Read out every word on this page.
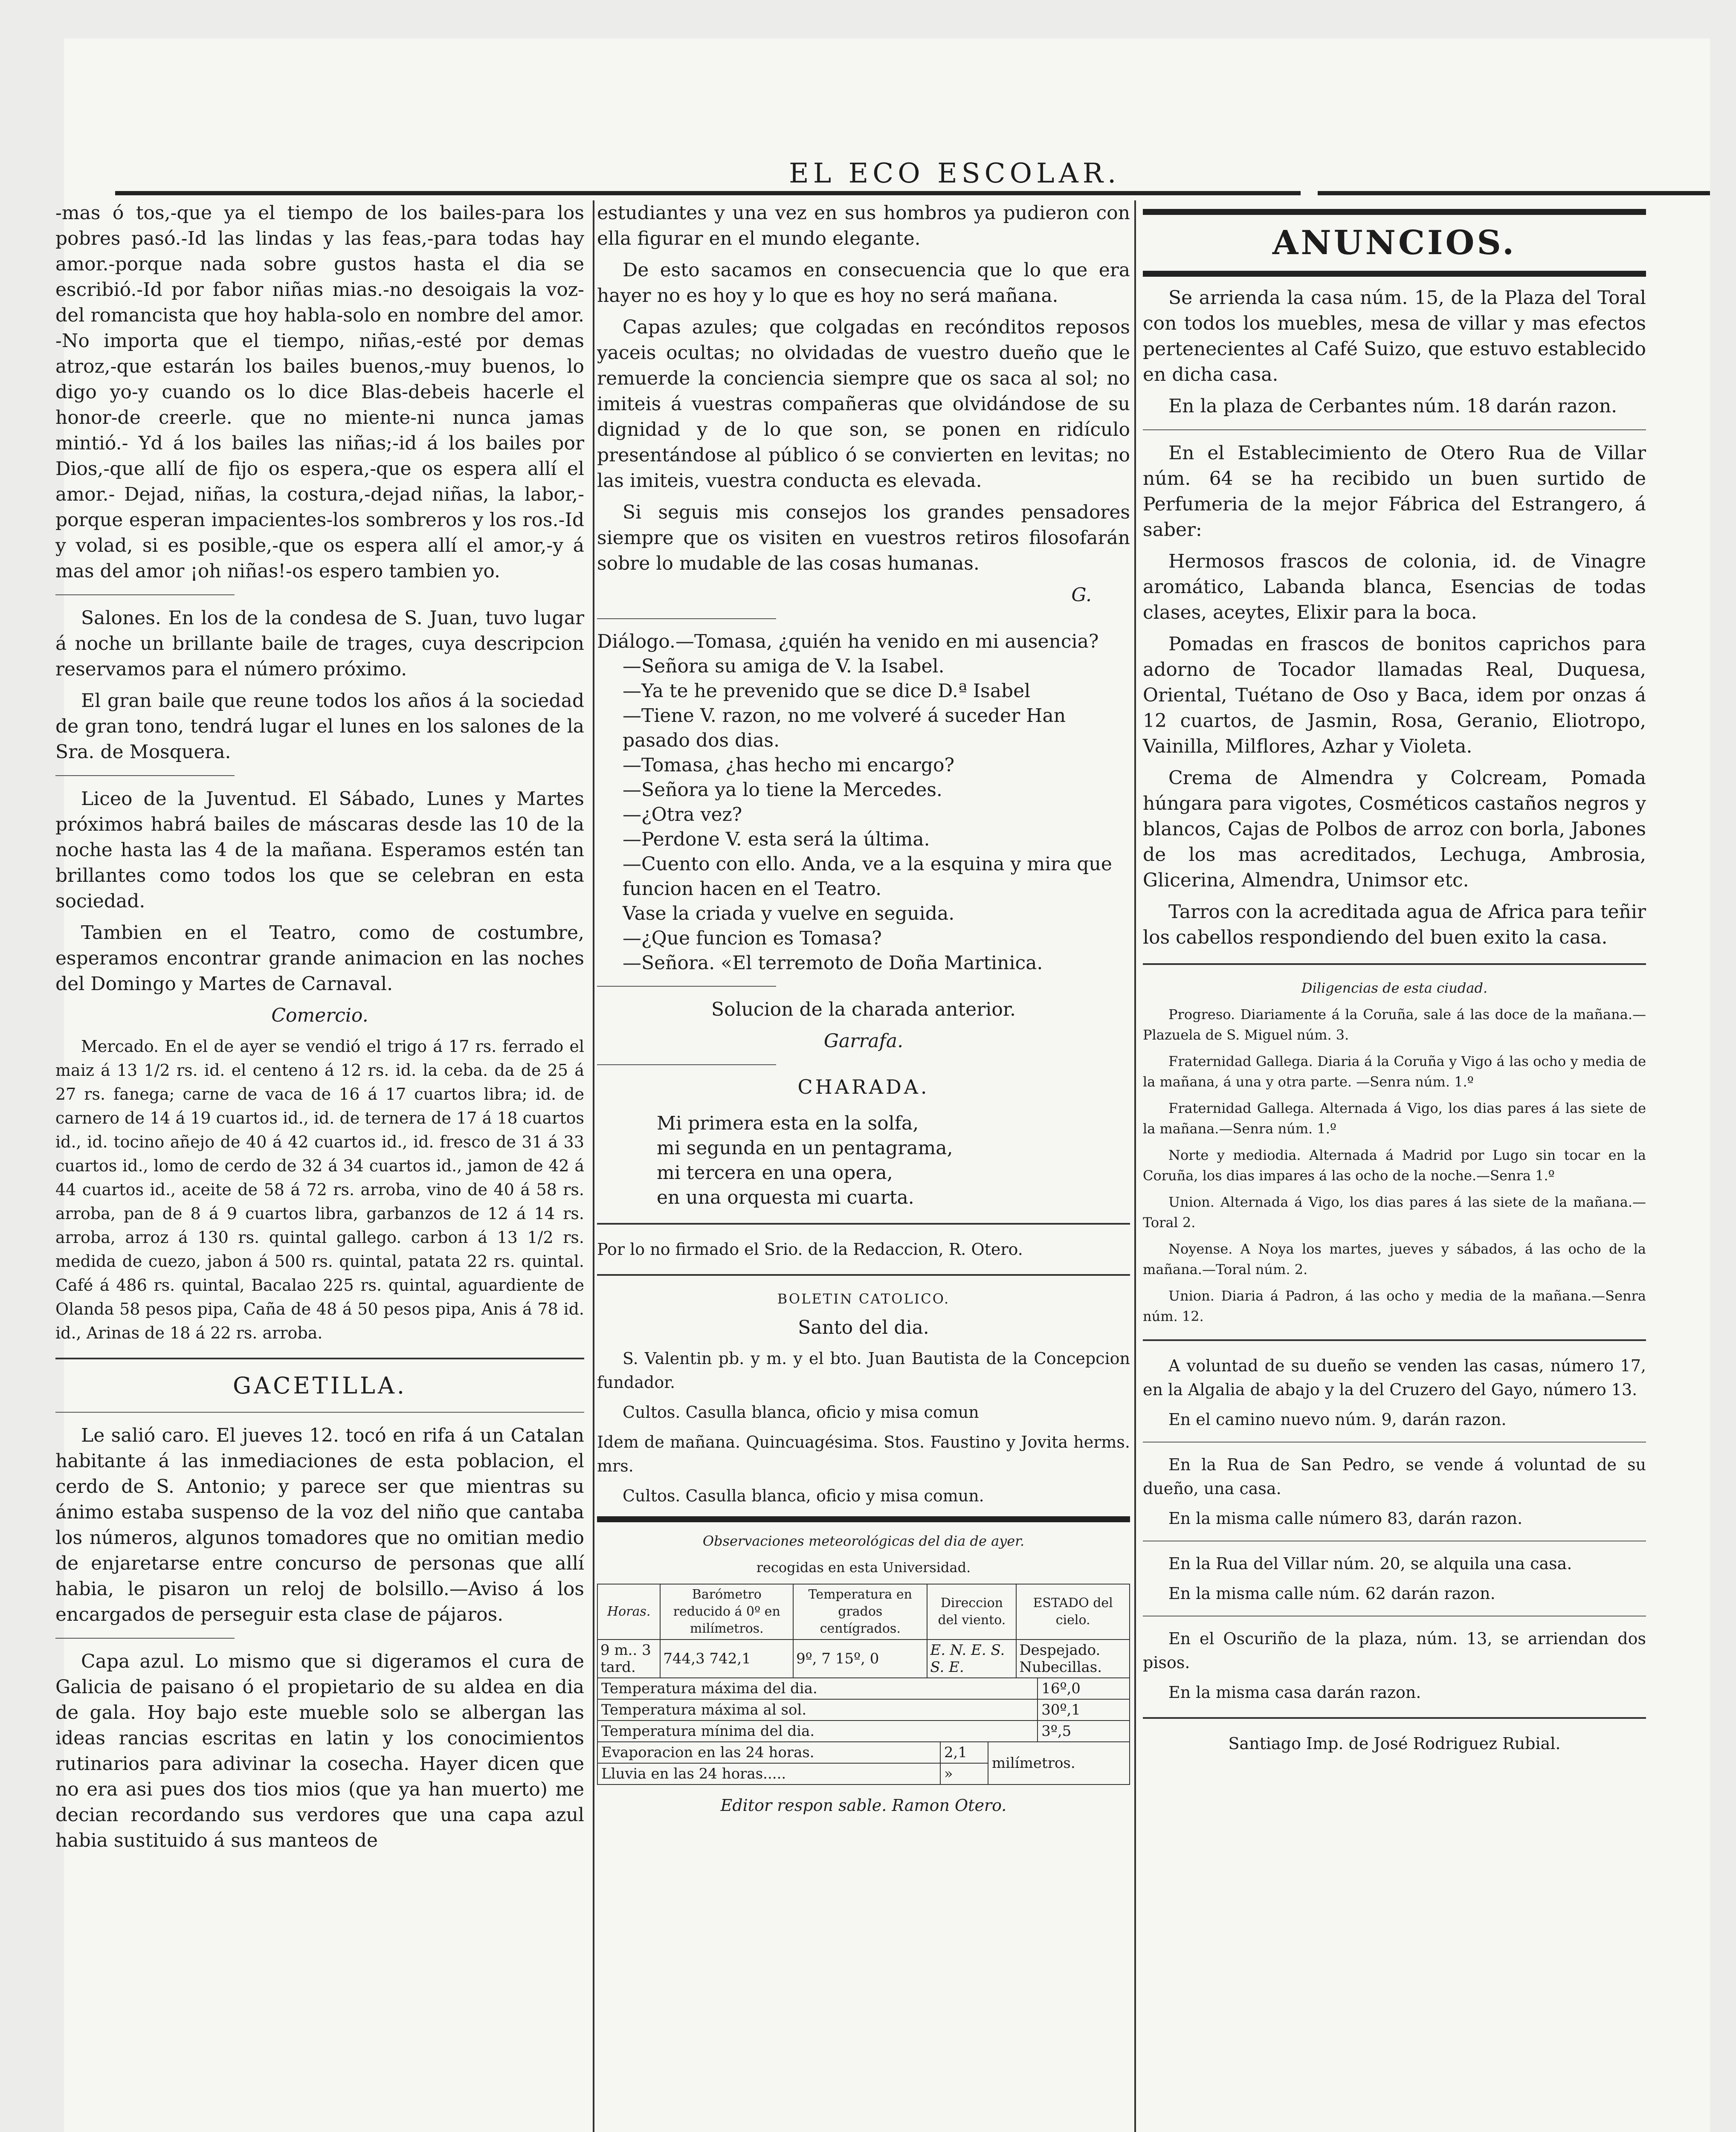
EL ECO ESCOLAR.

-mas ó tos,-que ya el tiempo de los bailes-para los pobres pasó.-Id las lindas y las feas,-para todas hay amor.-porque nada sobre gustos hasta el dia se escribió.-Id por fabor niñas mias.-no desoigais la voz-del romancista que hoy habla-solo en nombre del amor. -No importa que el tiempo, niñas,-esté por demas atroz,-que estarán los bailes buenos,-muy buenos, lo digo yo-y cuando os lo dice Blas-debeis hacerle el honor-de creerle. que no miente-ni nunca jamas mintió.- Yd á los bailes las niñas;-id á los bailes por Dios,-que allí de fijo os espera,-que os espera allí el amor.- Dejad, niñas, la costura,-dejad niñas, la labor,-porque esperan impacientes-los sombreros y los ros.-Id y volad, si es posible,-que os espera allí el amor,-y á mas del amor ¡oh niñas!-os espero tambien yo.

Salones. En los de la condesa de S. Juan, tuvo lugar á noche un brillante baile de trages, cuya descripcion reservamos para el número próximo.

El gran baile que reune todos los años á la sociedad de gran tono, tendrá lugar el lunes en los salones de la Sra. de Mosquera.

Liceo de la Juventud. El Sábado, Lunes y Martes próximos habrá bailes de máscaras desde las 10 de la noche hasta las 4 de la mañana. Esperamos estén tan brillantes como todos los que se celebran en esta sociedad.

Tambien en el Teatro, como de costumbre, esperamos encontrar grande animacion en las noches del Domingo y Martes de Carnaval.

Comercio.

Mercado. En el de ayer se vendió el trigo á 17 rs. ferrado el maiz á 13 1/2 rs. id. el centeno á 12 rs. id. la ceba. da de 25 á 27 rs. fanega; carne de vaca de 16 á 17 cuartos libra; id. de carnero de 14 á 19 cuartos id., id. de ternera de 17 á 18 cuartos id., id. tocino añejo de 40 á 42 cuartos id., id. fresco de 31 á 33 cuartos id., lomo de cerdo de 32 á 34 cuartos id., jamon de 42 á 44 cuartos id., aceite de 58 á 72 rs. arroba, vino de 40 á 58 rs. arroba, pan de 8 á 9 cuartos libra, garbanzos de 12 á 14 rs. arroba, arroz á 130 rs. quintal gallego. carbon á 13 1/2 rs. medida de cuezo, jabon á 500 rs. quintal, patata 22 rs. quintal. Café á 486 rs. quintal, Bacalao 225 rs. quintal, aguardiente de Olanda 58 pesos pipa, Caña de 48 á 50 pesos pipa, Anis á 78 id. id., Arinas de 18 á 22 rs. arroba.

GACETILLA.

Le salió caro. El jueves 12. tocó en rifa á un Catalan habitante á las inmediaciones de esta poblacion, el cerdo de S. Antonio; y parece ser que mientras su ánimo estaba suspenso de la voz del niño que cantaba los números, algunos tomadores que no omitian medio de enjaretarse entre concurso de personas que allí habia, le pisaron un reloj de bolsillo.—Aviso á los encargados de perseguir esta clase de pájaros.

Capa azul. Lo mismo que si digeramos el cura de Galicia de paisano ó el propietario de su aldea en dia de gala. Hoy bajo este mueble solo se albergan las ideas rancias escritas en latin y los conocimientos rutinarios para adivinar la cosecha. Hayer dicen que no era asi pues dos tios mios (que ya han muerto) me decian recordando sus verdores que una capa azul habia sustituido á sus manteos de

estudiantes y una vez en sus hombros ya pudieron con ella figurar en el mundo elegante.

De esto sacamos en consecuencia que lo que era hayer no es hoy y lo que es hoy no será mañana.

Capas azules; que colgadas en recónditos reposos yaceis ocultas; no olvidadas de vuestro dueño que le remuerde la conciencia siempre que os saca al sol; no imiteis á vuestras compañeras que olvidándose de su dignidad y de lo que son, se ponen en ridículo presentándose al público ó se convierten en levitas; no las imiteis, vuestra conducta es elevada.

Si seguis mis consejos los grandes pensadores siempre que os visiten en vuestros retiros filosofarán sobre lo mudable de las cosas humanas.

G.

Diálogo.—Tomasa, ¿quién ha venido en mi ausencia?

—Señora su amiga de V. la Isabel.

—Ya te he prevenido que se dice D.ª Isabel

—Tiene V. razon, no me volveré á suceder Han pasado dos dias.

—Tomasa, ¿has hecho mi encargo?

—Señora ya lo tiene la Mercedes.

—¿Otra vez?

—Perdone V. esta será la última.

—Cuento con ello. Anda, ve a la esquina y mira que funcion hacen en el Teatro.

Vase la criada y vuelve en seguida.

—¿Que funcion es Tomasa?

—Señora. «El terremoto de Doña Martinica.

Solucion de la charada anterior.
Garrafa.
CHARADA.

Mi primera esta en la solfa,

mi segunda en un pentagrama,

mi tercera en una opera,

en una orquesta mi cuarta.

Por lo no firmado el Srio. de la Redaccion, R. Otero.
BOLETIN CATOLICO.
Santo del dia.

S. Valentin pb. y m. y el bto. Juan Bautista de la Concepcion fundador.

Cultos. Casulla blanca, oficio y misa comun

Idem de mañana. Quincuagésima. Stos. Faustino y Jovita herms. mrs.

Cultos. Casulla blanca, oficio y misa comun.

Observaciones meteorológicas del dia de ayer.
recogidas en esta Universidad.
Horas.	Barómetro reducido á 0º en milímetros.	Temperatura en grados centígrados.	Direccion del viento.	ESTADO del cielo.
9 m.. 3 tard.	744,3 742,1	9º, 7 15º, 0	E. N. E. S. S. E.	Despejado. Nubecillas.
Temperatura máxima del dia.	16º,0
Temperatura máxima al sol.	30º,1
Temperatura mínima del dia.	3º,5
Evaporacion en las 24 horas.	2,1	milímetros.
Lluvia en las 24 horas.....	»	
Editor respon sable. Ramon Otero.
ANUNCIOS.

Se arrienda la casa núm. 15, de la Plaza del Toral con todos los muebles, mesa de villar y mas efectos pertenecientes al Café Suizo, que estuvo establecido en dicha casa.

En la plaza de Cerbantes núm. 18 darán razon.

En el Establecimiento de Otero Rua de Villar núm. 64 se ha recibido un buen surtido de Perfumeria de la mejor Fábrica del Estrangero, á saber:

Hermosos frascos de colonia, id. de Vinagre aromático, Labanda blanca, Esencias de todas clases, aceytes, Elixir para la boca.

Pomadas en frascos de bonitos caprichos para adorno de Tocador llamadas Real, Duquesa, Oriental, Tuétano de Oso y Baca, idem por onzas á 12 cuartos, de Jasmin, Rosa, Geranio, Eliotropo, Vainilla, Milflores, Azhar y Violeta.

Crema de Almendra y Colcream, Pomada húngara para vigotes, Cosméticos castaños negros y blancos, Cajas de Polbos de arroz con borla, Jabones de los mas acreditados, Lechuga, Ambrosia, Glicerina, Almendra, Unimsor etc.

Tarros con la acreditada agua de Africa para teñir los cabellos respondiendo del buen exito la casa.

Diligencias de esta ciudad.

Progreso. Diariamente á la Coruña, sale á las doce de la mañana.—Plazuela de S. Miguel núm. 3.

Fraternidad Gallega. Diaria á la Coruña y Vigo á las ocho y media de la mañana, á una y otra parte. —Senra núm. 1.º

Fraternidad Gallega. Alternada á Vigo, los dias pares á las siete de la mañana.—Senra núm. 1.º

Norte y mediodia. Alternada á Madrid por Lugo sin tocar en la Coruña, los dias impares á las ocho de la noche.—Senra 1.º

Union. Alternada á Vigo, los dias pares á las siete de la mañana.—Toral 2.

Noyense. A Noya los martes, jueves y sábados, á las ocho de la mañana.—Toral núm. 2.

Union. Diaria á Padron, á las ocho y media de la mañana.—Senra núm. 12.

A voluntad de su dueño se venden las casas, número 17, en la Algalia de abajo y la del Cruzero del Gayo, número 13.

En el camino nuevo núm. 9, darán razon.

En la Rua de San Pedro, se vende á voluntad de su dueño, una casa.

En la misma calle número 83, darán razon.

En la Rua del Villar núm. 20, se alquila una casa.

En la misma calle núm. 62 darán razon.

En el Oscuriño de la plaza, núm. 13, se arriendan dos pisos.

En la misma casa darán razon.

Santiago Imp. de José Rodriguez Rubial.
